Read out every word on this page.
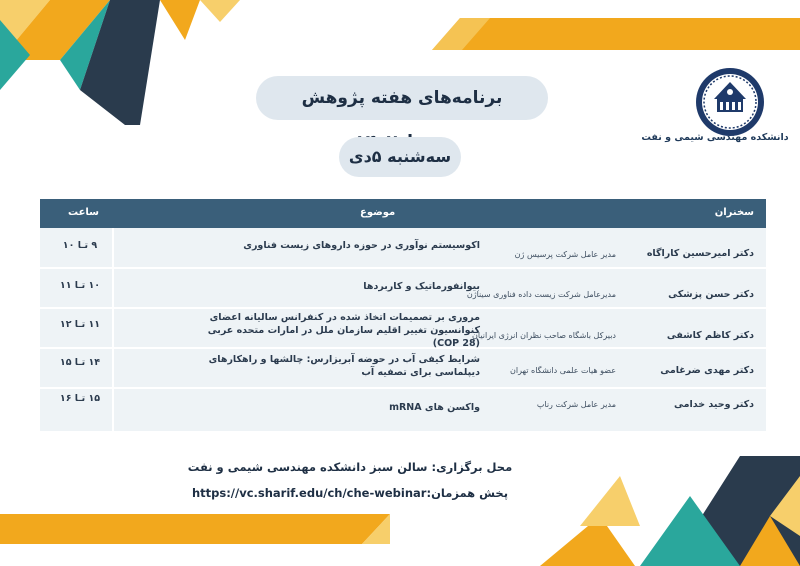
دانشکده مهندسی شیمی و نفت
برنامه‌های هفته پژوهش
سه‌شنبه ۵دی
سخنران
موضوع
ساعت
دکتر امیرحسین کاراگاه
مدیر عامل شرکت پرسیس ژن
اکوسیستم نوآوری در حوزه داروهای زیست فناوری
۹ تـا ۱۰
دکتر حسن پزشکی
مدیرعامل شرکت زیست داده فناوری سیناژن
بیوانفورماتیک و کاربردها
۱۰ تـا ۱۱
دکتر کاظم کاشفی
دبیرکل باشگاه صاحب نظران انرژی ایرانیان
مروری بر تصمیمات اتخاذ شده در کنفرانس سالیانه اعضای کنوانسیون تغییر اقلیم سازمان ملل در امارات متحده عربی (COP 28)
۱۱ تـا ۱۲
دکتر مهدی ضرغامی
عضو هیات علمی دانشگاه تهران
شرایط کیفی آب در حوضه آبریزارس: چالشها و راهکارهای دیپلماسی برای تصفیه آب
۱۴ تـا ۱۵
دکتر وحید خدامی
مدیر عامل شرکت رناپ
واکسن های mRNA
۱۵ تـا ۱۶
محل برگزاری: سالن سبز دانشکده مهندسی شیمی و نفت
پخش همزمان:https://vc.sharif.edu/ch/che-webinar
